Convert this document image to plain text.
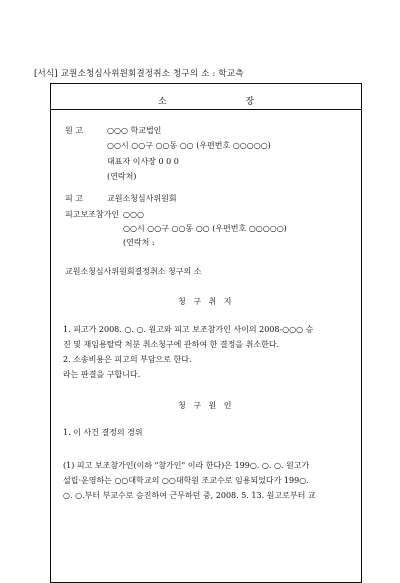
[서식] 교원소청심사위원회결정취소 청구의 소 : 학교측
소 장
원 고	○○○ 학교법인
○○시 ○○구 ○○동 ○○ (우편번호 ○○○○○)
대표자 이사장 0 0 0
(연락처)
피 고	교원소청심사위원회
피고보조참가인 ○○○
○○시 ○○구 ○○동 ○○ (우편번호 ○○○○○)
(연락처 :
교원소청심사위원회결정취소 청구의 소
청 구 취 지
1. 피고가 2008. ○. ○. 원고와 피고 보조참가인 사이의 2008-○○○ 승
진 및 재임용탈락 처분 취소청구에 관하여 한 결정을 취소한다.
2. 소송비용은 피고의 부담으로 한다.
라는 판결을 구합니다.
청 구 원 인
1. 이 사건 결정의 경위
(1) 피고 보조참가인(이하 "참가인" 이라 한다)은 199○. ○. ○. 원고가
설립·운영하는 ○○대학교의 ○○대학원 조교수로 임용되었다가 199○.
○. ○.부터 부교수로 승진하여 근무하던 중, 2008. 5. 13. 원고로부터 교
